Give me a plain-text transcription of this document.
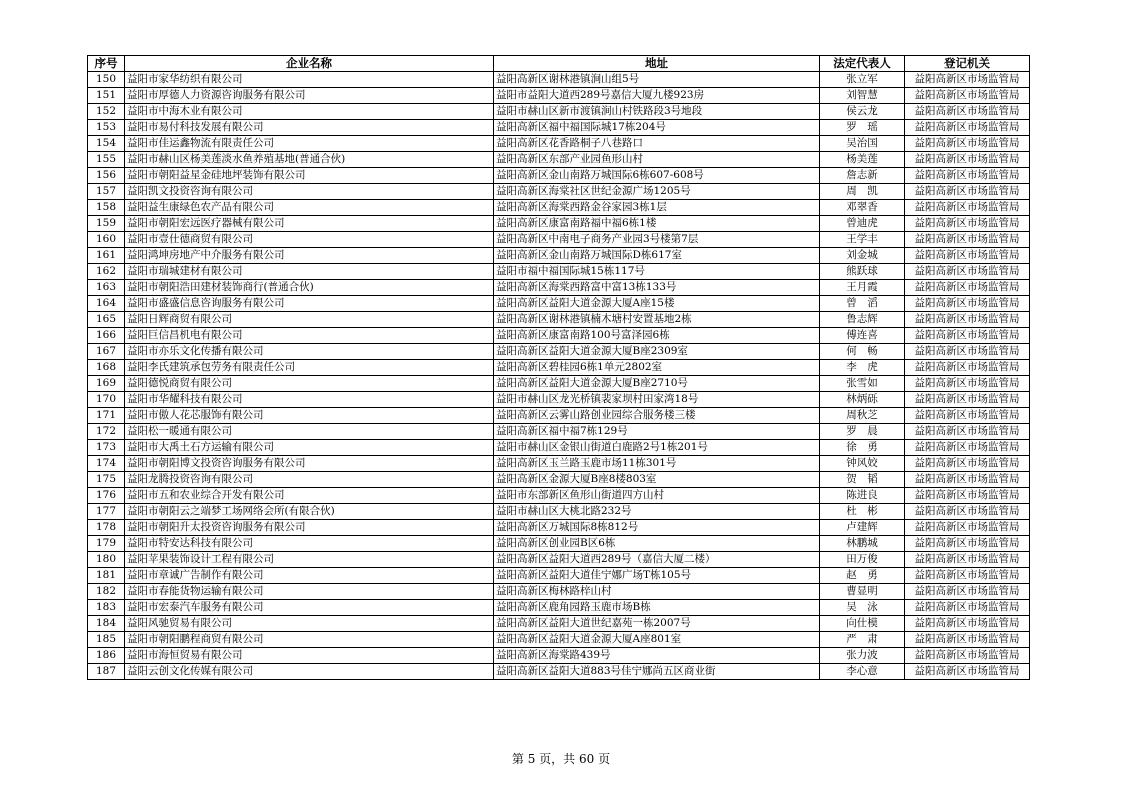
序号	企业名称	地址	法定代表人	登记机关
150	益阳市家华纺织有限公司	益阳高新区谢林港镇涧山组5号	张立军	益阳高新区市场监管局
151	益阳市厚德人力资源咨询服务有限公司	益阳市益阳大道西289号嘉信大厦九楼923房	刘智慧	益阳高新区市场监管局
152	益阳市中海木业有限公司	益阳市赫山区新市渡镇涧山村铁路段3号地段	侯云龙	益阳高新区市场监管局
153	益阳市易付科技发展有限公司	益阳高新区福中福国际城17栋204号	罗　瑶	益阳高新区市场监管局
154	益阳市佳运鑫物流有限责任公司	益阳高新区花香路桐子八巷路口	吴治国	益阳高新区市场监管局
155	益阳市赫山区杨美莲淡水鱼养殖基地(普通合伙)	益阳高新区东部产业园鱼形山村	杨美莲	益阳高新区市场监管局
156	益阳市朝阳益星金硅地坪装饰有限公司	益阳高新区金山南路万城国际6栋607-608号	詹志新	益阳高新区市场监管局
157	益阳凯文投资咨询有限公司	益阳高新区海棠社区世纪金源广场1205号	周　凯	益阳高新区市场监管局
158	益阳益生康绿色农产品有限公司	益阳高新区海棠西路金谷家园3栋1层	邓翠香	益阳高新区市场监管局
159	益阳市朝阳宏远医疗器械有限公司	益阳高新区康富南路福中福6栋1楼	曾迪虎	益阳高新区市场监管局
160	益阳市壹仕德商贸有限公司	益阳高新区中南电子商务产业园3号楼第7层	王学丰	益阳高新区市场监管局
161	益阳鸿坤房地产中介服务有限公司	益阳高新区金山南路万城国际D栋617室	刘金城	益阳高新区市场监管局
162	益阳市瑞城建材有限公司	益阳市福中福国际城15栋117号	熊跃球	益阳高新区市场监管局
163	益阳市朝阳浩田建材装饰商行(普通合伙)	益阳高新区海棠西路富中富13栋133号	王月霞	益阳高新区市场监管局
164	益阳市盛盛信息咨询服务有限公司	益阳高新区益阳大道金源大厦A座15楼	曾　滔	益阳高新区市场监管局
165	益阳日辉商贸有限公司	益阳高新区谢林港镇楠木塘村安置基地2栋	鲁志辉	益阳高新区市场监管局
166	益阳巨信昌机电有限公司	益阳高新区康富南路100号富泽园6栋	傅连喜	益阳高新区市场监管局
167	益阳市亦乐文化传播有限公司	益阳高新区益阳大道金源大厦B座2309室	何　畅	益阳高新区市场监管局
168	益阳李氏建筑承包劳务有限责任公司	益阳高新区碧桂园6栋1单元2802室	李　虎	益阳高新区市场监管局
169	益阳德悦商贸有限公司	益阳高新区益阳大道金源大厦B座2710号	张雪如	益阳高新区市场监管局
170	益阳市华耀科技有限公司	益阳市赫山区龙光桥镇裴家坝村田家湾18号	林炳砾	益阳高新区市场监管局
171	益阳市傲人花芯服饰有限公司	益阳高新区云雾山路创业园综合服务楼三楼	周秋芝	益阳高新区市场监管局
172	益阳松一暖通有限公司	益阳高新区福中福7栋129号	罗　晨	益阳高新区市场监管局
173	益阳市大禹土石方运输有限公司	益阳市赫山区金银山街道白鹿路2号1栋201号	徐　勇	益阳高新区市场监管局
174	益阳市朝阳博文投资咨询服务有限公司	益阳高新区玉兰路玉鹿市场11栋301号	钟风姣	益阳高新区市场监管局
175	益阳龙腾投资咨询有限公司	益阳高新区金源大厦B座8楼803室	贺　韬	益阳高新区市场监管局
176	益阳市五和农业综合开发有限公司	益阳市东部新区鱼形山街道四方山村	陈进良	益阳高新区市场监管局
177	益阳市朝阳云之端梦工场网络会所(有限合伙)	益阳市赫山区大桃北路232号	杜　彬	益阳高新区市场监管局
178	益阳市朝阳升太投资咨询服务有限公司	益阳高新区万城国际8栋812号	卢建辉	益阳高新区市场监管局
179	益阳市特安达科技有限公司	益阳高新区创业园B区6栋	林鹏城	益阳高新区市场监管局
180	益阳苹果装饰设计工程有限公司	益阳高新区益阳大道西289号（嘉信大厦二楼）	田万俊	益阳高新区市场监管局
181	益阳市章诚广告制作有限公司	益阳高新区益阳大道佳宁娜广场T栋105号	赵　勇	益阳高新区市场监管局
182	益阳市春能货物运输有限公司	益阳高新区梅林路梓山村	曹显明	益阳高新区市场监管局
183	益阳市宏泰汽车服务有限公司	益阳高新区鹿角园路玉鹿市场B栋	吴　泳	益阳高新区市场监管局
184	益阳风驰贸易有限公司	益阳高新区益阳大道世纪嘉苑一栋2007号	向仕模	益阳高新区市场监管局
185	益阳市朝阳鹏程商贸有限公司	益阳高新区益阳大道金源大厦A座801室	严　肃	益阳高新区市场监管局
186	益阳市海恒贸易有限公司	益阳高新区海棠路439号	张力波	益阳高新区市场监管局
187	益阳云创文化传媒有限公司	益阳高新区益阳大道883号佳宁娜尚五区商业街	李心意	益阳高新区市场监管局
第 5 页，共 60 页
